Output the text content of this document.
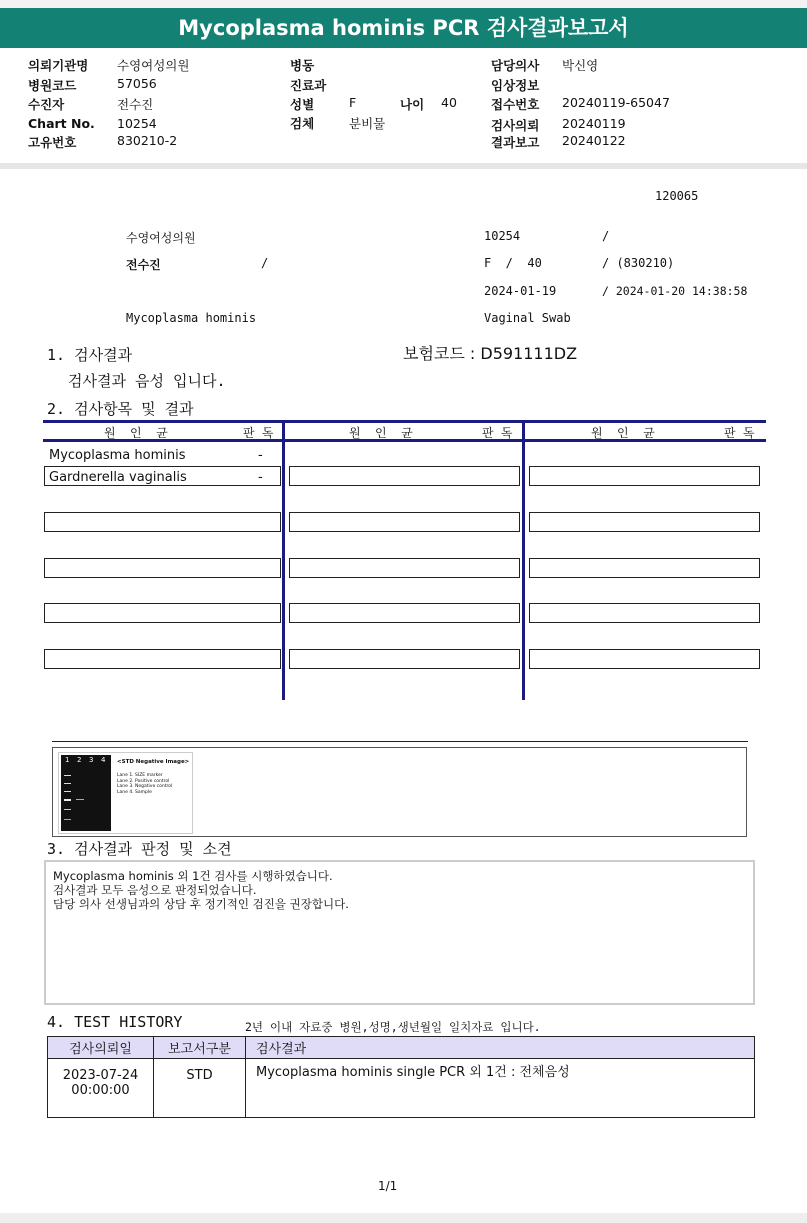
Mycoplasma hominis PCR 검사결과보고서
의뢰기관명 수영여성의원
병원코드	57056
수진자	전수진
Chart No. 10254
고유번호	830210-2
병동
진료과
성별	F	나이 40
검체	분비물
담당의사 박신영
임상정보
접수번호 20240119-65047
검사의뢰 20240119
결과보고 20240122
120065
수영여성의원	10254	/
전수진	/	F  /  40	/ (830210)
2024-01-19	/ 2024-01-20 14:38:58
Mycoplasma hominis	Vaginal Swab
1. 검사결과	보험코드 : D591111DZ
검사결과 음성 입니다.
2. 검사항목 및 결과
원  인  균	판 독	원  인  균	판 독	원  인  균	판 독
Mycoplasma hominis	-
Gardnerella vaginalis	-
1 2 3 4 <STD Negative Image>
Lane 1. SIZE marker
Lane 2. Positive control
Lane 3. Negative control
Lane 4. Sample
3. 검사결과 판정 및 소견
Mycoplasma hominis 외 1건 검사를 시행하였습니다.
검사결과 모두 음성으로 판정되었습니다.
담당 의사 선생님과의 상담 후 정기적인 검진을 권장합니다.
4. TEST HISTORY	2년 이내 자료중 병원,성명,생년월일 일치자료 입니다.
검사의뢰일	보고서구분	검사결과

2023-07-24
00:00:00	STD	Mycoplasma hominis single PCR 외 1건 : 전체음성
1/1
